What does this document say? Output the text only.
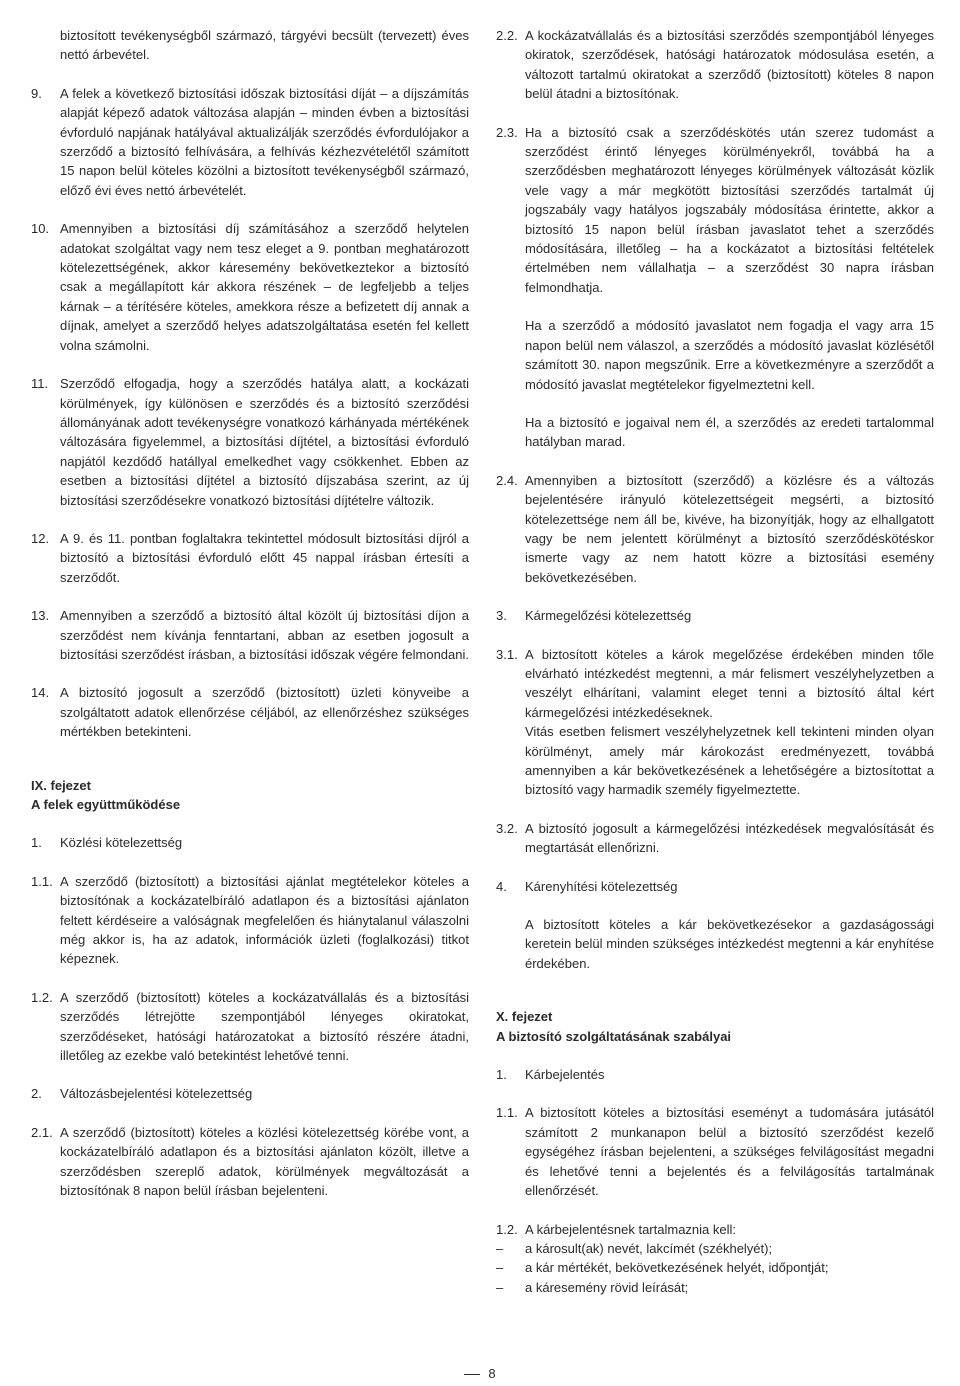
biztosított tevékenységből származó, tárgyévi becsült (tervezett) éves nettó árbevétel.
9.	A felek a következő biztosítási időszak biztosítási díját – a díjszámítás alapját képező adatok változása alapján – minden évben a biztosítási évforduló napjának hatályával aktualizálják szerződés évfordulójakor a szerződő a biztosító felhívására, a felhívás kézhezvételétől számított 15 napon belül köteles közölni a biztosított tevékenységből származó, előző évi éves nettó árbevételét.
10. Amennyiben a biztosítási díj számításához a szerződő helytelen adatokat szolgáltat vagy nem tesz eleget a 9. pontban meghatározott kötelezettségének, akkor káresemény bekövetkeztekor a biztosító csak a megállapított kár akkora részének – de legfeljebb a teljes kárnak – a térítésére köteles, amekkora része a befizetett díj annak a díjnak, amelyet a szerződő helyes adatszolgáltatása esetén fel kellett volna számolni.
11. Szerződő elfogadja, hogy a szerződés hatálya alatt, a kockázati körülmények, így különösen e szerződés és a biztosító szerződési állományának adott tevékenységre vonatkozó kárhányada mértékének változására figyelemmel, a biztosítási díjtétel, a biztosítási évforduló napjától kezdődő hatállyal emelkedhet vagy csökkenhet. Ebben az esetben a biztosítási díjtétel a biztosító díjszabása szerint, az új biztosítási szerződésekre vonatkozó biztosítási díjtételre változik.
12. A 9. és 11. pontban foglaltakra tekintettel módosult biztosítási díjról a biztosító a biztosítási évforduló előtt 45 nappal írásban értesíti a szerződőt.
13. Amennyiben a szerződő a biztosító által közölt új biztosítási díjon a szerződést nem kívánja fenntartani, abban az esetben jogosult a biztosítási szerződést írásban, a biztosítási időszak végére felmondani.
14. A biztosító jogosult a szerződő (biztosított) üzleti könyveibe a szolgáltatott adatok ellenőrzése céljából, az ellenőrzéshez szükséges mértékben betekinteni.
IX. fejezet
A felek együttműködése
1.	Közlési kötelezettség
1.1. A szerződő (biztosított) a biztosítási ajánlat megtételekor köteles a biztosítónak a kockázatelbíráló adatlapon és a biztosítási ajánlaton feltett kérdéseire a valóságnak megfelelően és hiánytalanul válaszolni még akkor is, ha az adatok, információk üzleti (foglalkozási) titkot képeznek.
1.2. A szerződő (biztosított) köteles a kockázatvállalás és a biztosítási szerződés létrejötte szempontjából lényeges okiratokat, szerződéseket, hatósági határozatokat a biztosító részére átadni, illetőleg az ezekbe való betekintést lehetővé tenni.
2.	Változásbejelentési kötelezettség
2.1. A szerződő (biztosított) köteles a közlési kötelezettség körébe vont, a kockázatelbíráló adatlapon és a biztosítási ajánlaton közölt, illetve a szerződésben szereplő adatok, körülmények megváltozását a biztosítónak 8 napon belül írásban bejelenteni.
2.2. A kockázatvállalás és a biztosítási szerződés szempontjából lényeges okiratok, szerződések, hatósági határozatok módosulása esetén, a változott tartalmú okiratokat a szerződő (biztosított) köteles 8 napon belül átadni a biztosítónak.
2.3. Ha a biztosító csak a szerződéskötés után szerez tudomást a szerződést érintő lényeges körülményekről, továbbá ha a szerződésben meghatározott lényeges körülmények változását közlik vele vagy a már megkötött biztosítási szerződés tartalmát új jogszabály vagy hatályos jogszabály módosítása érintette, akkor a biztosító 15 napon belül írásban javaslatot tehet a szerződés módosítására, illetőleg – ha a kockázatot a biztosítási feltételek értelmében nem vállalhatja – a szerződést 30 napra írásban felmondhatja.
Ha a szerződő a módosító javaslatot nem fogadja el vagy arra 15 napon belül nem válaszol, a szerződés a módosító javaslat közlésétől számított 30. napon megszűnik. Erre a következményre a szerződőt a módosító javaslat megtételekor figyelmeztetni kell.
Ha a biztosító e jogaival nem él, a szerződés az eredeti tartalommal hatályban marad.
2.4. Amennyiben a biztosított (szerződő) a közlésre és a változás bejelentésére irányuló kötelezettségeit megsérti, a biztosító kötelezettsége nem áll be, kivéve, ha bizonyítják, hogy az elhallgatott vagy be nem jelentett körülményt a biztosító szerződéskötéskor ismerte vagy az nem hatott közre a biztosítási esemény bekövetkezésében.
3.	Kármegelőzési kötelezettség
3.1. A biztosított köteles a károk megelőzése érdekében minden tőle elvárható intézkedést megtenni, a már felismert veszélyhelyzetben a veszélyt elhárítani, valamint eleget tenni a biztosító által kért kármegelőzési intézkedéseknek.
Vitás esetben felismert veszélyhelyzetnek kell tekinteni minden olyan körülményt, amely már károkozást eredményezett, továbbá amennyiben a kár bekövetkezésének a lehetőségére a biztosítottat a biztosító vagy harmadik személy figyelmeztette.
3.2. A biztosító jogosult a kármegelőzési intézkedések megvalósítását és megtartását ellenőrizni.
4.	Kárenyhítési kötelezettség
A biztosított köteles a kár bekövetkezésekor a gazdaságossági keretein belül minden szükséges intézkedést megtenni a kár enyhítése érdekében.
X. fejezet
A biztosító szolgáltatásának szabályai
1.	Kárbejelentés
1.1. A biztosított köteles a biztosítási eseményt a tudomására jutásától számított 2 munkanapon belül a biztosító szerződést kezelő egységéhez írásban bejelenteni, a szükséges felvilágosítást megadni és lehetővé tenni a bejelentés és a felvilágosítás tartalmának ellenőrzését.
1.2. A kárbejelentésnek tartalmaznia kell:
–	a károsult(ak) nevét, lakcímét (székhelyét);
–	a kár mértékét, bekövetkezésének helyét, időpontját;
–	a káresemény rövid leírását;
8
